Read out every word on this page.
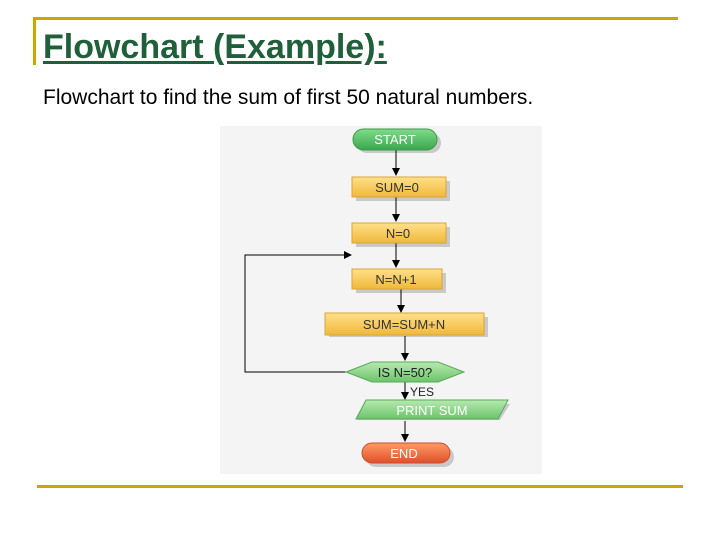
Flowchart (Example):
Flowchart to find the sum of first 50 natural numbers.
START
SUM=0
N=0
N=N+1
SUM=SUM+N
IS N=50?
YES
PRINT SUM
END
